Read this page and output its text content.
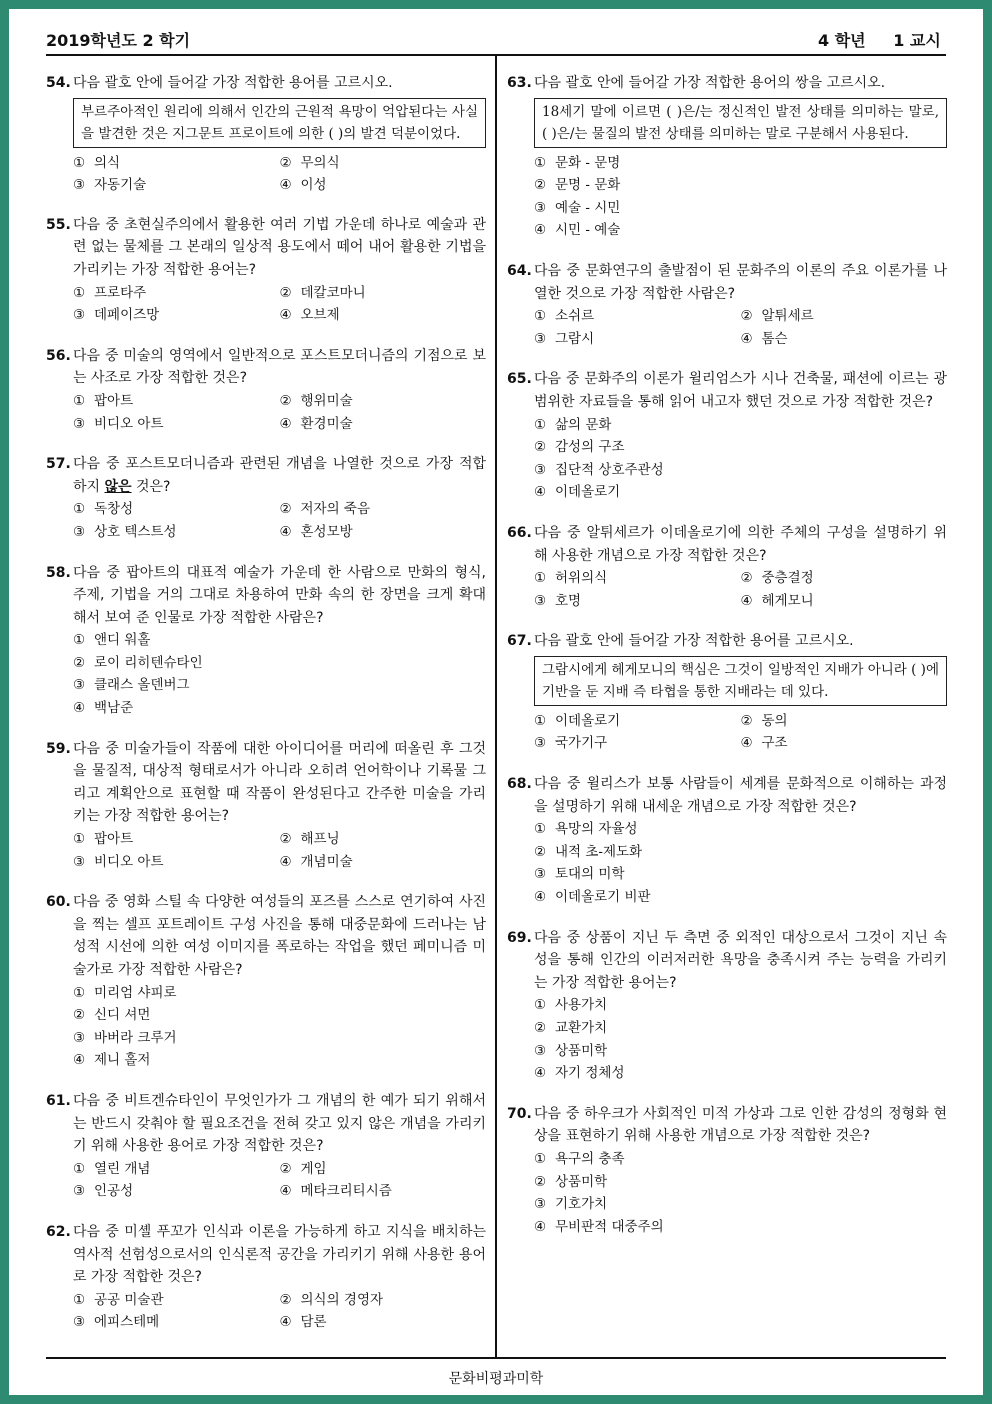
2019학년도 2 학기	4 학년 1 교시
문화비평과미학
54. 다음 괄호 안에 들어갈 가장 적합한 용어를 고르시오.
부르주아적인 원리에 의해서 인간의 근원적 욕망이 억압된다는 사실을 발견한 것은 지그문트 프로이트에 의한 ( )의 발견 덕분이었다.
① 의식	② 무의식
③ 자동기술	④ 이성
55. 다음 중 초현실주의에서 활용한 여러 기법 가운데 하나로 예술과 관련 없는 물체를 그 본래의 일상적 용도에서 떼어 내어 활용한 기법을 가리키는 가장 적합한 용어는?
① 프로타주	② 데칼코마니
③ 데페이즈망	④ 오브제
56. 다음 중 미술의 영역에서 일반적으로 포스트모더니즘의 기점으로 보는 사조로 가장 적합한 것은?
① 팝아트	② 행위미술
③ 비디오 아트	④ 환경미술
57. 다음 중 포스트모더니즘과 관련된 개념을 나열한 것으로 가장 적합하지 않은 것은?
① 독창성	② 저자의 죽음
③ 상호 텍스트성	④ 혼성모방
58. 다음 중 팝아트의 대표적 예술가 가운데 한 사람으로 만화의 형식, 주제, 기법을 거의 그대로 차용하여 만화 속의 한 장면을 크게 확대해서 보여 준 인물로 가장 적합한 사람은?
① 앤디 워홀
② 로이 리히텐슈타인
③ 클래스 올덴버그
④ 백남준
59. 다음 중 미술가들이 작품에 대한 아이디어를 머리에 떠올린 후 그것을 물질적, 대상적 형태로서가 아니라 오히려 언어학이나 기록물 그리고 계획안으로 표현할 때 작품이 완성된다고 간주한 미술을 가리키는 가장 적합한 용어는?
① 팝아트	② 해프닝
③ 비디오 아트	④ 개념미술
60. 다음 중 영화 스틸 속 다양한 여성들의 포즈를 스스로 연기하여 사진을 찍는 셀프 포트레이트 구성 사진을 통해 대중문화에 드러나는 남성적 시선에 의한 여성 이미지를 폭로하는 작업을 했던 페미니즘 미술가로 가장 적합한 사람은?
① 미리엄 샤피로
② 신디 셔먼
③ 바버라 크루거
④ 제니 홀저
61. 다음 중 비트겐슈타인이 무엇인가가 그 개념의 한 예가 되기 위해서는 반드시 갖춰야 할 필요조건을 전혀 갖고 있지 않은 개념을 가리키기 위해 사용한 용어로 가장 적합한 것은?
① 열린 개념	② 게임
③ 인공성	④ 메타크리티시즘
62. 다음 중 미셸 푸꼬가 인식과 이론을 가능하게 하고 지식을 배치하는 역사적 선험성으로서의 인식론적 공간을 가리키기 위해 사용한 용어로 가장 적합한 것은?
① 공공 미술관	② 의식의 경영자
③ 에피스테메	④ 담론
63. 다음 괄호 안에 들어갈 가장 적합한 용어의 쌍을 고르시오.
18세기 말에 이르면 ( )은/는 정신적인 발전 상태를 의미하는 말로, ( )은/는 물질의 발전 상태를 의미하는 말로 구분해서 사용된다.
① 문화 - 문명
② 문명 - 문화
③ 예술 - 시민
④ 시민 - 예술
64. 다음 중 문화연구의 출발점이 된 문화주의 이론의 주요 이론가를 나열한 것으로 가장 적합한 사람은?
① 소쉬르	② 알튀세르
③ 그람시	④ 톰슨
65. 다음 중 문화주의 이론가 윌리엄스가 시나 건축물, 패션에 이르는 광범위한 자료들을 통해 읽어 내고자 했던 것으로 가장 적합한 것은?
① 삶의 문화
② 감성의 구조
③ 집단적 상호주관성
④ 이데올로기
66. 다음 중 알튀세르가 이데올로기에 의한 주체의 구성을 설명하기 위해 사용한 개념으로 가장 적합한 것은?
① 허위의식	② 중층결정
③ 호명	④ 헤게모니
67. 다음 괄호 안에 들어갈 가장 적합한 용어를 고르시오.
그람시에게 헤게모니의 핵심은 그것이 일방적인 지배가 아니라 ( )에 기반을 둔 지배 즉 타협을 통한 지배라는 데 있다.
① 이데올로기	② 동의
③ 국가기구	④ 구조
68. 다음 중 윌리스가 보통 사람들이 세계를 문화적으로 이해하는 과정을 설명하기 위해 내세운 개념으로 가장 적합한 것은?
① 욕망의 자율성
② 내적 초-제도화
③ 토대의 미학
④ 이데올로기 비판
69. 다음 중 상품이 지닌 두 측면 중 외적인 대상으로서 그것이 지닌 속성을 통해 인간의 이러저러한 욕망을 충족시켜 주는 능력을 가리키는 가장 적합한 용어는?
① 사용가치
② 교환가치
③ 상품미학
④ 자기 정체성
70. 다음 중 하우크가 사회적인 미적 가상과 그로 인한 감성의 정형화 현상을 표현하기 위해 사용한 개념으로 가장 적합한 것은?
① 욕구의 충족
② 상품미학
③ 기호가치
④ 무비판적 대중주의
